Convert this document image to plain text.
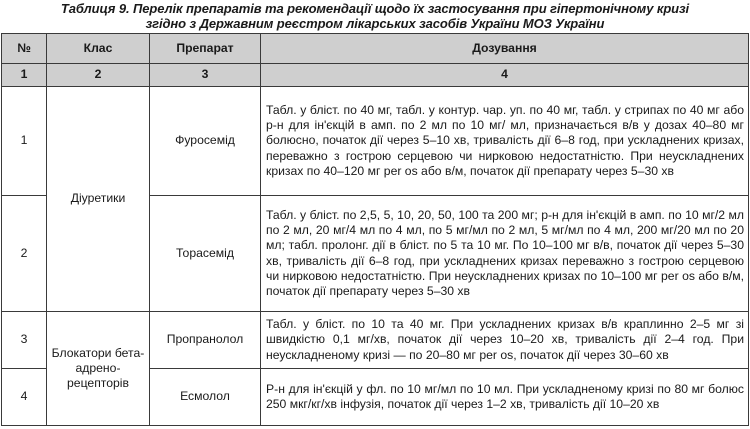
Таблиця 9. Перелік препаратів та рекомендації щодо їх застосування при гіпертонічному кризі
згідно з Державним реєстром лікарських засобів України МОЗ України
№	Клас	Препарат	Дозування
1	2	3	4
1	Діуретики	Фуросемід	Табл. у бліст. по 40 мг, табл. у контур. чар. уп. по 40 мг, табл. у стрипах по 40 мг або р-н для ін'єкцій в амп. по 2 мл по 10 мг/ мл, призначається в/в у дозах 40–80 мг болюсно, початок дії через 5–10 хв, тривалість дії 6–8 год, при ускладнених кризах, переважно з гострою серцевою чи нирковою недостатністю. При неускладнених кризах по 40–120 мг per os або в/м, початок дії препарату через 5–30 хв
2		Торасемід	Табл. у бліст. по 2,5, 5, 10, 20, 50, 100 та 200 мг; р-н для ін'єкцій в амп. по 10 мг/2 мл по 2 мл, 20 мг/4 мл по 4 мл, по 5 мг/мл по 2 мл, 5 мг/мл по 4 мл, 200 мг/20 мл по 20 мл; табл. пролонг. дії в бліст. по 5 та 10 мг. По 10–100 мг в/в, початок дії через 5–30 хв, тривалість дії 6–8 год, при ускладнених кризах переважно з гострою серцевою чи нирковою недостатністю. При неускладнених кризах по 10–100 мг per os або в/м, початок дії препарату через 5–30 хв
3	Блокатори бета-адрено-рецепторів	Пропранолол	Табл. у бліст. по 10 та 40 мг. При ускладнених кризах в/в краплинно 2–5 мг зі швидкістю 0,1 мг/хв, початок дії через 10–20 хв, тривалість дії 2–4 год. При неускладненому кризі — по 20–80 мг per os, початок дії через 30–60 хв
4		Есмолол	Р-н для ін'єкцій у фл. по 10 мг/мл по 10 мл. При ускладненому кризі по 80 мг болюс 250 мкг/кг/хв інфузія, початок дії через 1–2 хв, тривалість дії 10–20 хв
